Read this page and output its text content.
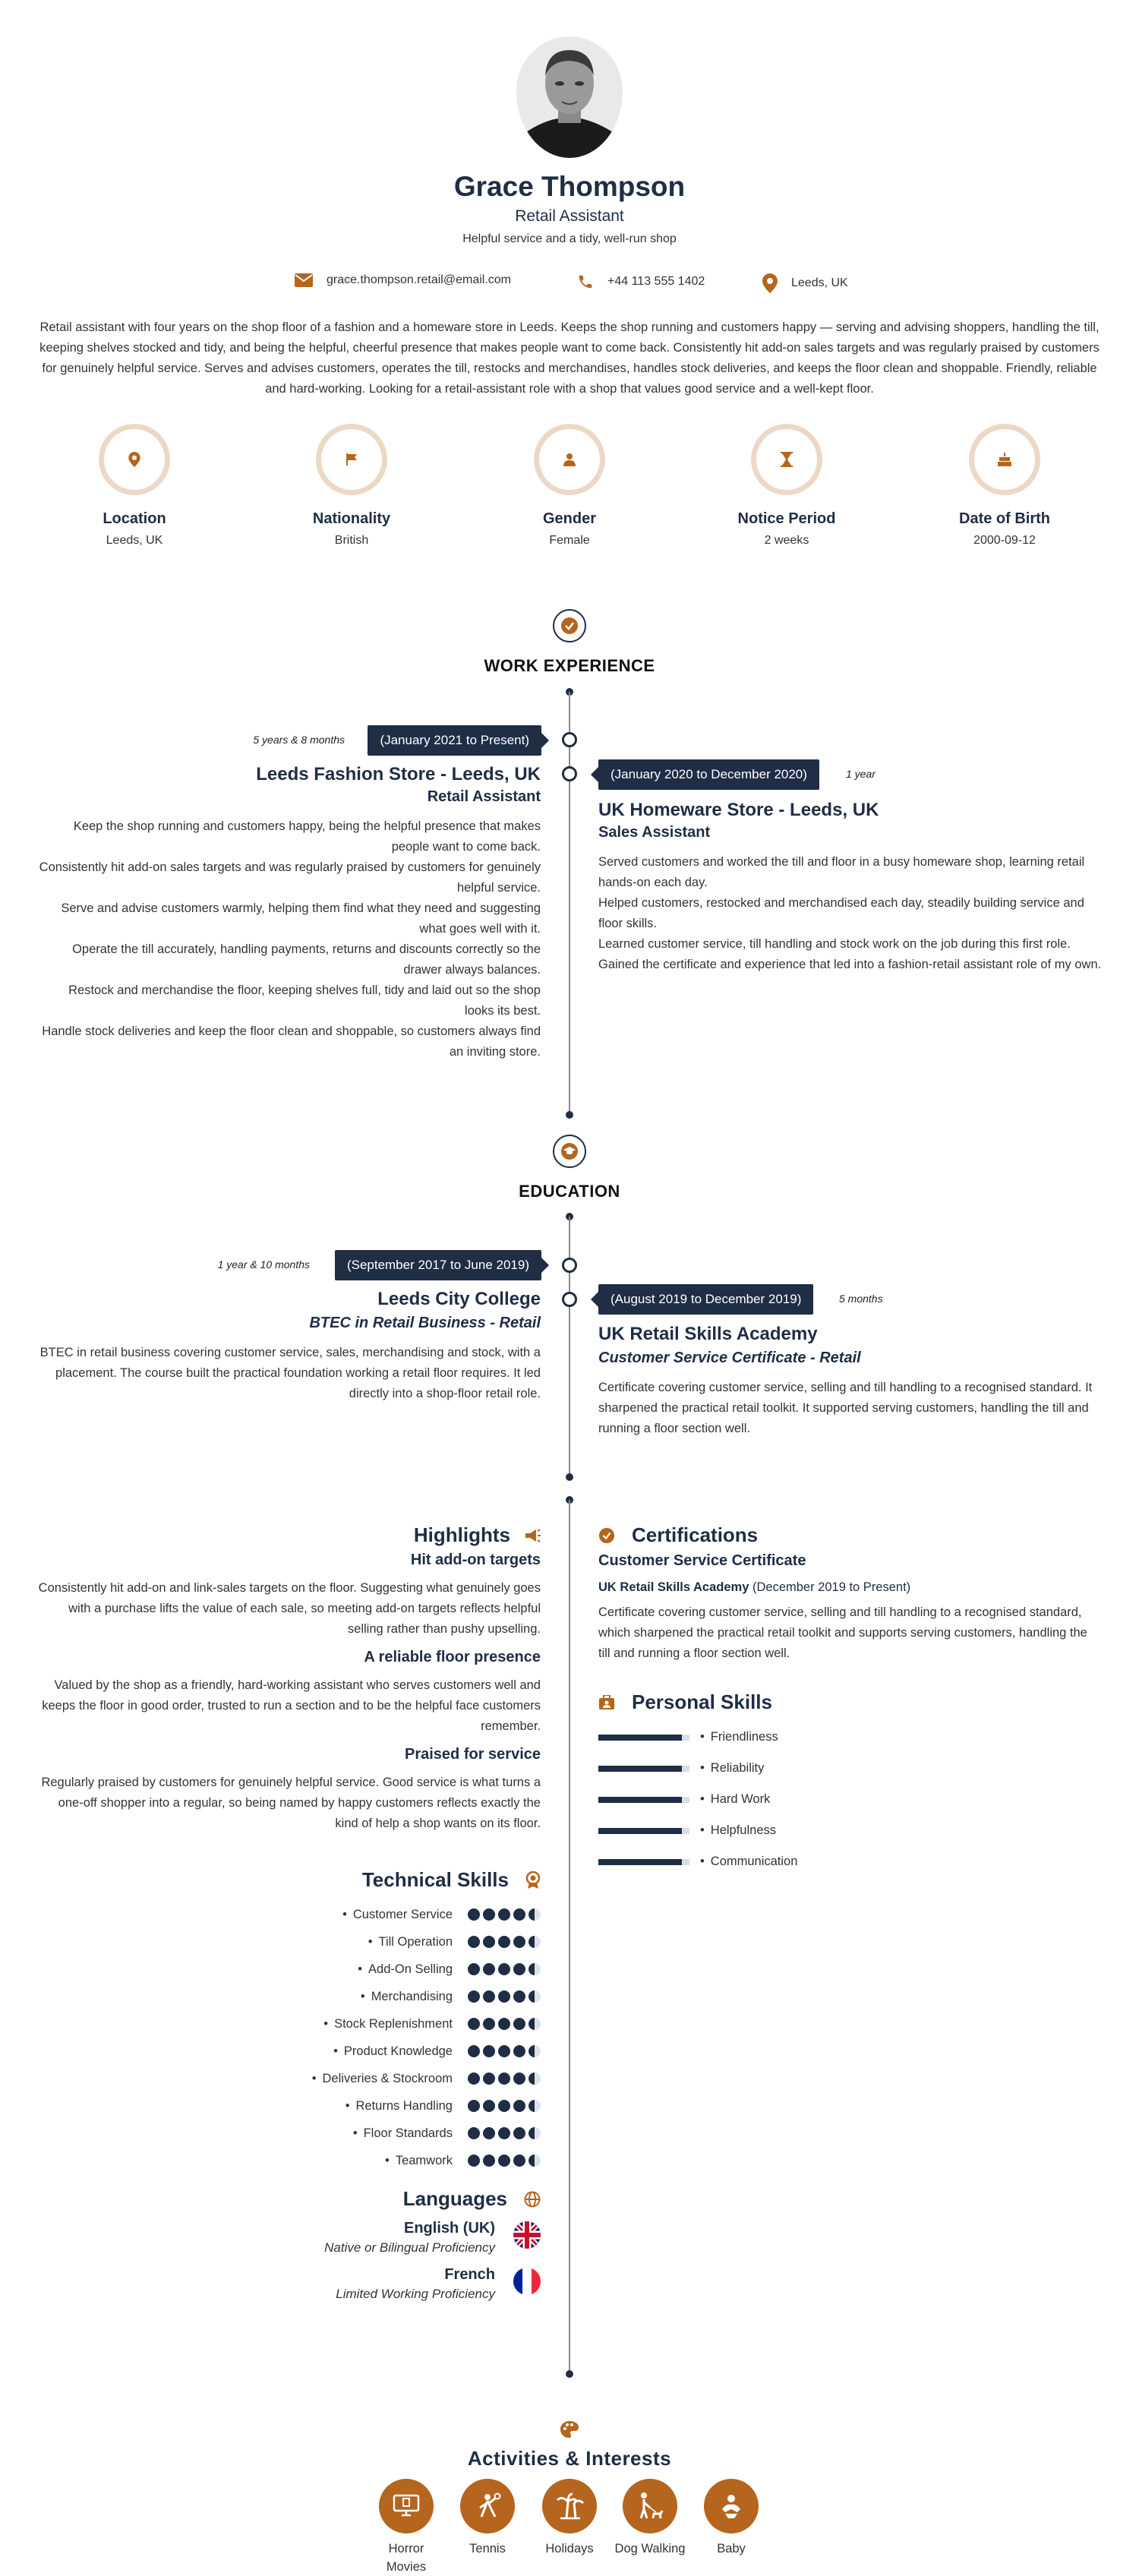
Grace Thompson
Retail Assistant
Helpful service and a tidy, well-run shop
grace.thompson.retail@email.com	+44 113 555 1402	Leeds, UK
Retail assistant with four years on the shop floor of a fashion and a homeware store in Leeds. Keeps the shop running and customers happy — serving and advising shoppers, handling the till, keeping shelves stocked and tidy, and being the helpful, cheerful presence that makes people want to come back. Consistently hit add-on sales targets and was regularly praised by customers for genuinely helpful service. Serves and advises customers, operates the till, restocks and merchandises, handles stock deliveries, and keeps the floor clean and shoppable. Friendly, reliable and hard-working. Looking for a retail-assistant role with a shop that values good service and a well-kept floor.
Location
Leeds, UK
Nationality
British
Gender
Female
Notice Period
2 weeks
Date of Birth
2000-09-12
WORK EXPERIENCE
(January 2021 to Present)
5 years & 8 months
Leeds Fashion Store - Leeds, UK
Retail Assistant

Keep the shop running and customers happy, being the helpful presence that makes people want to come back.

Consistently hit add-on sales targets and was regularly praised by customers for genuinely helpful service.

Serve and advise customers warmly, helping them find what they need and suggesting what goes well with it.

Operate the till accurately, handling payments, returns and discounts correctly so the drawer always balances.

Restock and merchandise the floor, keeping shelves full, tidy and laid out so the shop looks its best.

Handle stock deliveries and keep the floor clean and shoppable, so customers always find an inviting store.

(January 2020 to December 2020)	1 year
UK Homeware Store - Leeds, UK
Sales Assistant

Served customers and worked the till and floor in a busy homeware shop, learning retail hands-on each day.

Helped customers, restocked and merchandised each day, steadily building service and floor skills.

Learned customer service, till handling and stock work on the job during this first role.

Gained the certificate and experience that led into a fashion-retail assistant role of my own.

EDUCATION
(September 2017 to June 2019)
1 year & 10 months
Leeds City College
BTEC in Retail Business - Retail
BTEC in retail business covering customer service, sales, merchandising and stock, with a placement. The course built the practical foundation working a retail floor requires. It led directly into a shop-floor retail role.
(August 2019 to December 2019)	5 months
UK Retail Skills Academy
Customer Service Certificate - Retail
Certificate covering customer service, selling and till handling to a recognised standard. It sharpened the practical retail toolkit. It supported serving customers, handling the till and running a floor section well.
Highlights
Hit add-on targets
Consistently hit add-on and link-sales targets on the floor. Suggesting what genuinely goes with a purchase lifts the value of each sale, so meeting add-on targets reflects helpful selling rather than pushy upselling.
A reliable floor presence
Valued by the shop as a friendly, hard-working assistant who serves customers well and keeps the floor in good order, trusted to run a section and to be the helpful face customers remember.
Praised for service
Regularly praised by customers for genuinely helpful service. Good service is what turns a one-off shopper into a regular, so being named by happy customers reflects exactly the kind of help a shop wants on its floor.
Technical Skills
• Customer Service
• Till Operation
• Add-On Selling
• Merchandising
• Stock Replenishment
• Product Knowledge
• Deliveries & Stockroom
• Returns Handling
• Floor Standards
• Teamwork
Languages
English (UK)
Native or Bilingual Proficiency
French
Limited Working Proficiency
Certifications
Customer Service Certificate
UK Retail Skills Academy (December 2019 to Present)
Certificate covering customer service, selling and till handling to a recognised standard, which sharpened the practical retail toolkit and supports serving customers, handling the till and running a floor section well.
Personal Skills
• Friendliness
• Reliability
• Hard Work
• Helpfulness
• Communication
Activities & Interests
Horror Movies
Tennis	Holidays	Dog Walking	Baby
